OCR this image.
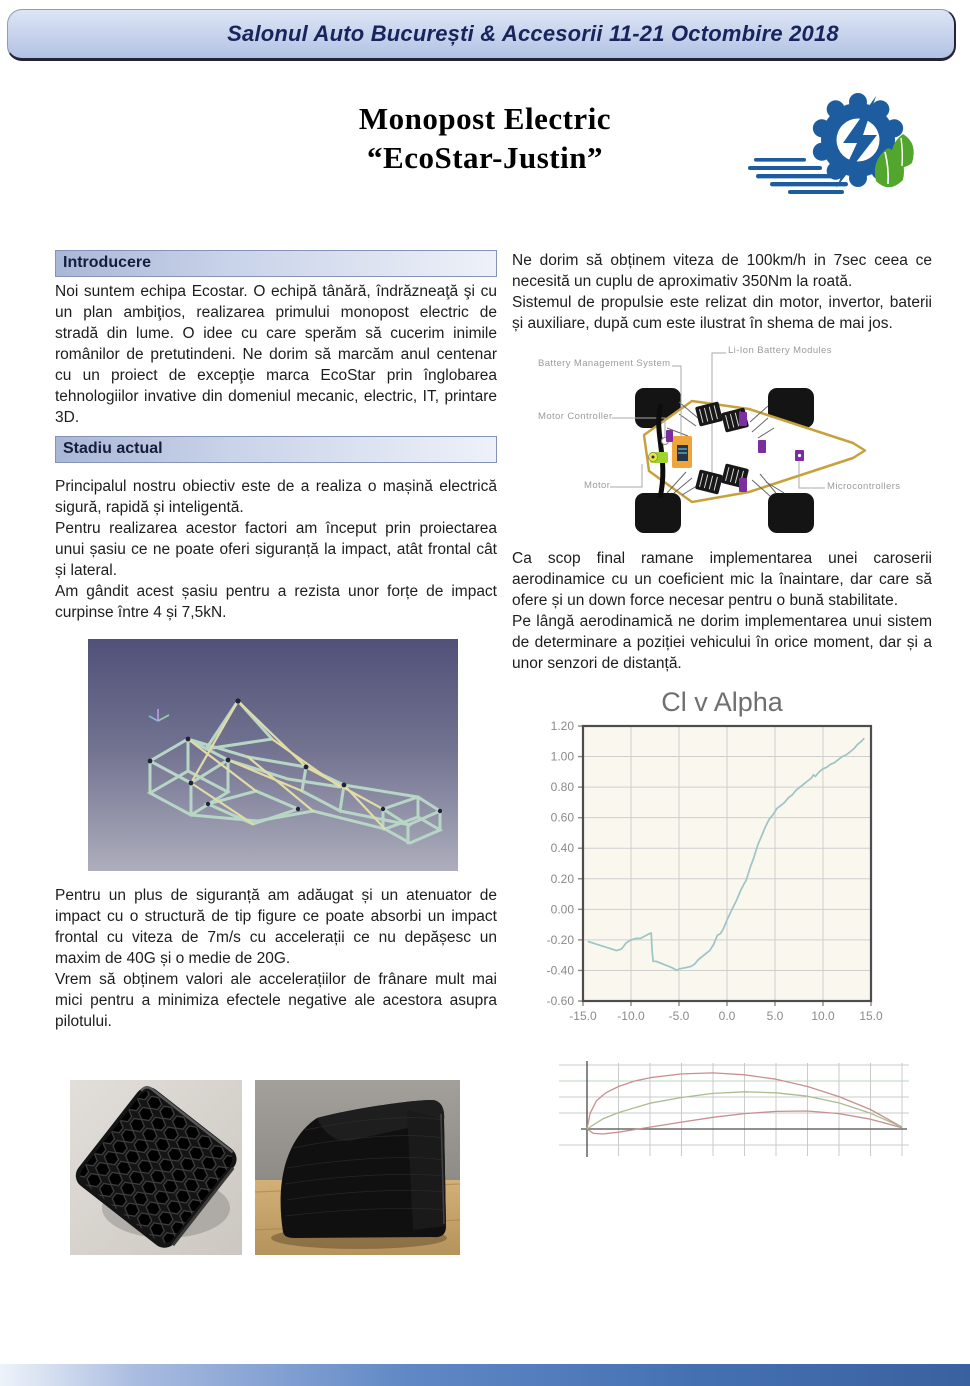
Salonul Auto București & Accesorii 11-21 Octombire 2018
Monopost Electric
“EcoStar-Justin”
Introducere

Noi suntem echipa Ecostar. O echipă tânără, îndrăzneaţă şi cu un plan ambiţios, realizarea primului monopost electric de stradă din lume. O idee cu care sperăm să cucerim inimile românilor de pretutindeni. Ne dorim să marcăm anul centenar cu un proiect de excepţie marca EcoStar prin înglobarea tehnologiilor invative din domeniul mecanic, electric, IT, printare 3D.

Stadiu actual

Principalul nostru obiectiv este de a realiza o mașină electrică sigură, rapidă și inteligentă.

Pentru realizarea acestor factori am început prin proiectarea unui șasiu ce ne poate oferi siguranță la impact, atât frontal cât și lateral.

Am gândit acest șasiu pentru a rezista unor forțe de impact curpinse între 4 și 7,5kN.

Pentru un plus de siguranță am adăugat și un atenuator de impact cu o structură de tip figure ce poate absorbi un impact frontal cu viteza de 7m/s cu accelerații ce nu depășesc un maxim de 40G și o medie de 20G.

Vrem să obținem valori ale accelerațiilor de frânare mult mai mici pentru a minimiza efectele negative ale acestora asupra pilotului.

Ne dorim să obținem viteza de 100km/h in 7sec ceea ce necesită un cuplu de aproximativ 350Nm la roată.

Sistemul de propulsie este relizat din motor, invertor, baterii și auxiliare, după cum este ilustrat în shema de mai jos.

Battery Management System
Li-Ion Battery Modules
Motor Controller
Motor	Microcontrollers

Ca scop final ramane implementarea unei caroserii aerodinamice cu un coeficient mic la înaintare, dar care să ofere și un down force necesar pentru o bună stabilitate.

Pe lângă aerodinamică ne dorim implementarea unui sistem de determinare a poziției vehicului în orice moment, dar și a unor senzori de distanță.

Cl v Alpha
1.20
1.00
0.80
0.60
0.40
0.20
0.00
-0.20
-0.40
-0.60
-15.0 -10.0 -5.0 0.0	5.0 10.0 15.0
